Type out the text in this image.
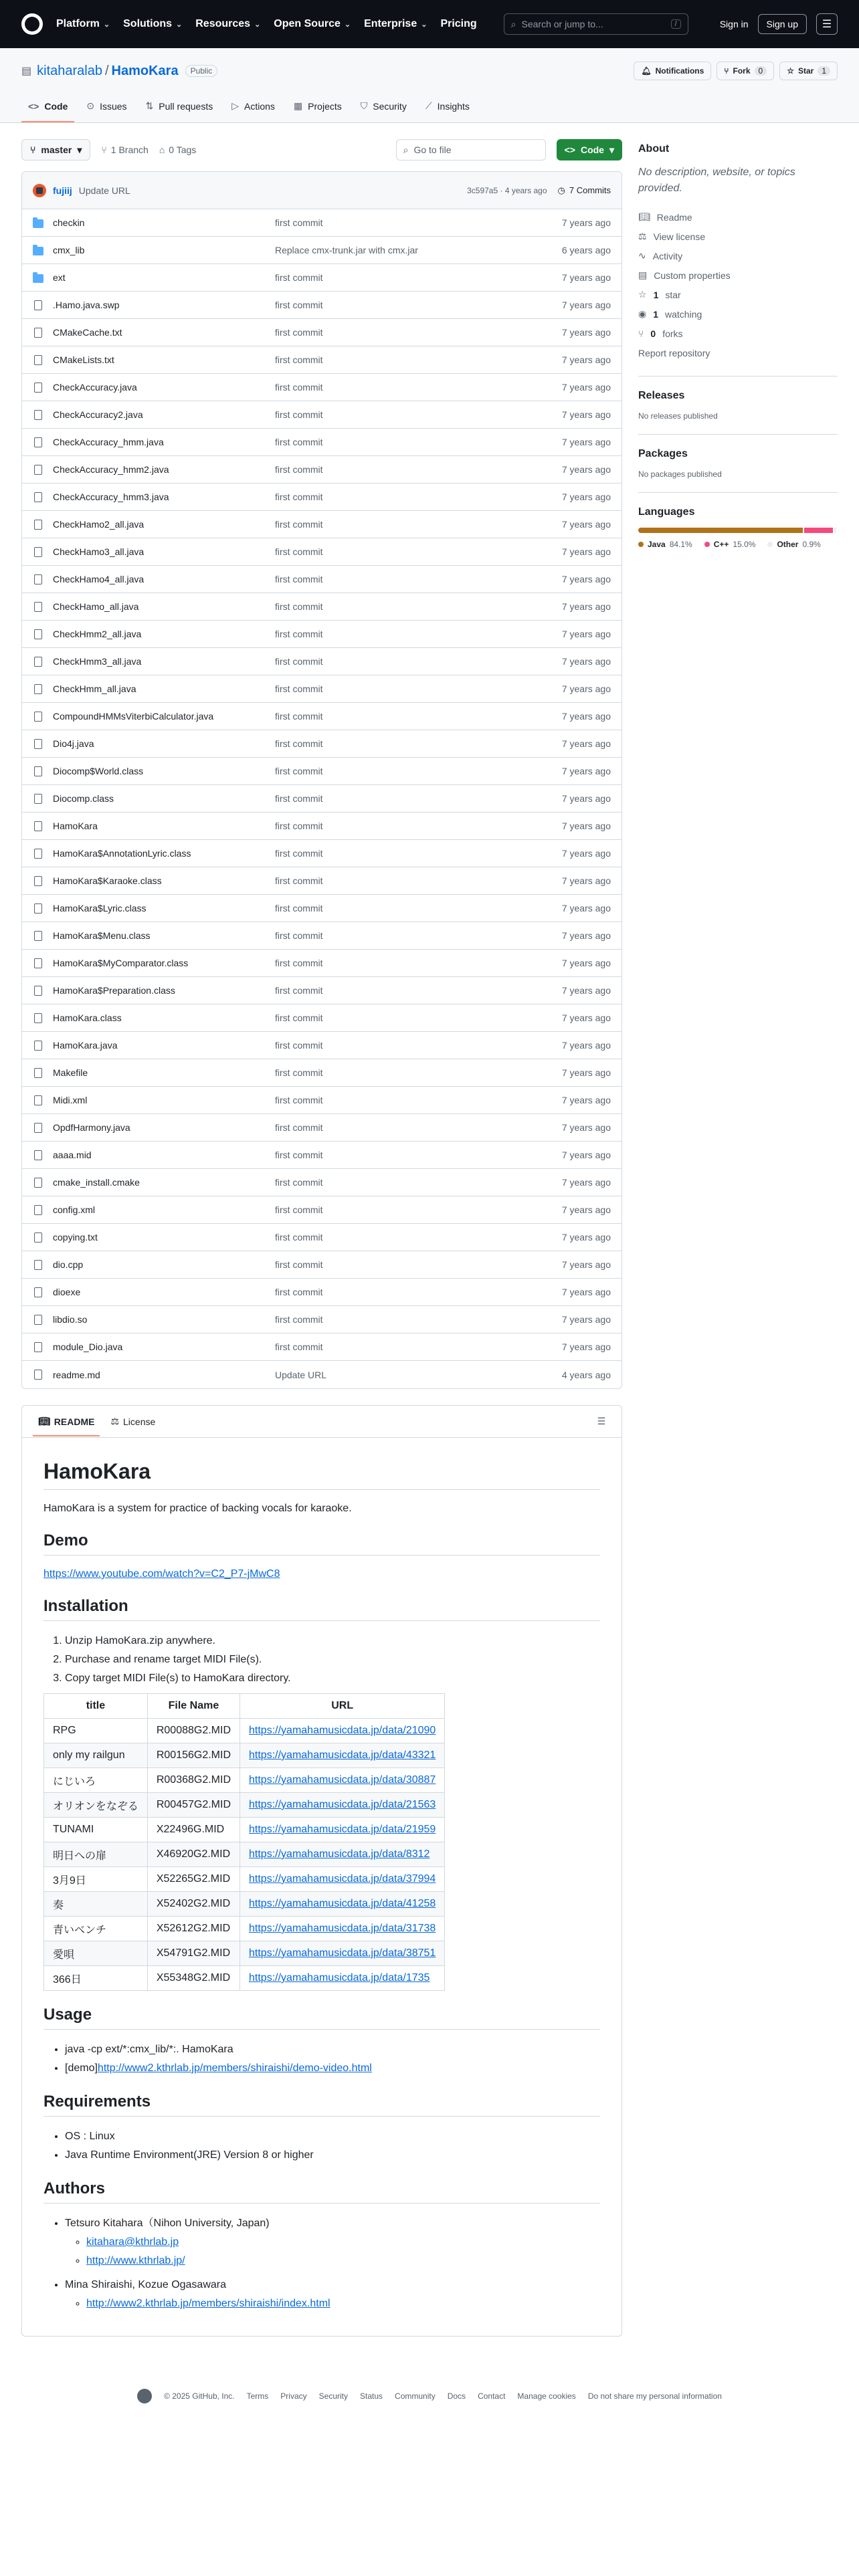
Platform ⌄ Solutions ⌄ Resources ⌄ Open Source ⌄ Enterprise ⌄ Pricing	⌕ Search or jump to...	/	Sign in	Sign up	☰
▤ kitaharalab / HamoKara	Public	🔔︎ Notifications	⑂ Fork	0	☆ Star	1
<> Code ⊙ Issues ⇅ Pull requests ▷ Actions ▦ Projects ⛉ Security ⟋ Insights
⑂ master ▾ ⑂ 1 Branch ⌂ 0 Tags	⌕ Go to file	<> Code ▾
fujiij Update URL	3c597a5 · 4 years ago ◷ 7 Commits
checkin	first commit	7 years ago
cmx_lib	Replace cmx-trunk.jar with cmx.jar	6 years ago
ext	first commit	7 years ago
.Hamo.java.swp	first commit	7 years ago
CMakeCache.txt	first commit	7 years ago
CMakeLists.txt	first commit	7 years ago
CheckAccuracy.java	first commit	7 years ago
CheckAccuracy2.java	first commit	7 years ago
CheckAccuracy_hmm.java	first commit	7 years ago
CheckAccuracy_hmm2.java	first commit	7 years ago
CheckAccuracy_hmm3.java	first commit	7 years ago
CheckHamo2_all.java	first commit	7 years ago
CheckHamo3_all.java	first commit	7 years ago
CheckHamo4_all.java	first commit	7 years ago
CheckHamo_all.java	first commit	7 years ago
CheckHmm2_all.java	first commit	7 years ago
CheckHmm3_all.java	first commit	7 years ago
CheckHmm_all.java	first commit	7 years ago
CompoundHMMsViterbiCalculator.java	first commit	7 years ago
Dio4j.java	first commit	7 years ago
Diocomp$World.class	first commit	7 years ago
Diocomp.class	first commit	7 years ago
HamoKara	first commit	7 years ago
HamoKara$AnnotationLyric.class	first commit	7 years ago
HamoKara$Karaoke.class	first commit	7 years ago
HamoKara$Lyric.class	first commit	7 years ago
HamoKara$Menu.class	first commit	7 years ago
HamoKara$MyComparator.class	first commit	7 years ago
HamoKara$Preparation.class	first commit	7 years ago
HamoKara.class	first commit	7 years ago
HamoKara.java	first commit	7 years ago
Makefile	first commit	7 years ago
Midi.xml	first commit	7 years ago
OpdfHarmony.java	first commit	7 years ago
aaaa.mid	first commit	7 years ago
cmake_install.cmake	first commit	7 years ago
config.xml	first commit	7 years ago
copying.txt	first commit	7 years ago
dio.cpp	first commit	7 years ago
dioexe	first commit	7 years ago
libdio.so	first commit	7 years ago
module_Dio.java	first commit	7 years ago
readme.md	Update URL	4 years ago
📖︎ README ⚖ License	☰
HamoKara

HamoKara is a system for practice of backing vocals for karaoke.

Demo

https://www.youtube.com/watch?v=C2_P7-jMwC8

Installation
1. Unzip HamoKara.zip anywhere.
2. Purchase and rename target MIDI File(s).
3. Copy target MIDI File(s) to HamoKara directory.
title	File Name	URL
RPG	R00088G2.MID	https://yamahamusicdata.jp/data/21090
only my railgun	R00156G2.MID	https://yamahamusicdata.jp/data/43321
にじいろ	R00368G2.MID	https://yamahamusicdata.jp/data/30887
オリオンをなぞる	R00457G2.MID	https://yamahamusicdata.jp/data/21563
TUNAMI	X22496G.MID	https://yamahamusicdata.jp/data/21959
明日への扉	X46920G2.MID	https://yamahamusicdata.jp/data/8312
3月9日	X52265G2.MID	https://yamahamusicdata.jp/data/37994
奏	X52402G2.MID	https://yamahamusicdata.jp/data/41258
青いベンチ	X52612G2.MID	https://yamahamusicdata.jp/data/31738
愛唄	X54791G2.MID	https://yamahamusicdata.jp/data/38751
366日	X55348G2.MID	https://yamahamusicdata.jp/data/1735
Usage
• java -cp ext/*:cmx_lib/*:. HamoKara
• [demo]http://www2.kthrlab.jp/members/shiraishi/demo-video.html
Requirements
• OS : Linux
• Java Runtime Environment(JRE) Version 8 or higher
Authors
• Tetsuro Kitahara（Nihon University, Japan)
◦ kitahara@kthrlab.jp
◦ http://www.kthrlab.jp/
• Mina Shiraishi, Kozue Ogasawara
◦ http://www2.kthrlab.jp/members/shiraishi/index.html
About
No description, website, or topics provided.
📖︎ Readme
⚖ View license
∿ Activity
▤ Custom properties
☆ 1 star
◉ 1 watching
⑂ 0 forks
Report repository
Releases
No releases published
Packages
No packages published
Languages
Java 84.1%	C++ 15.0%	Other 0.9%
© 2025 GitHub, Inc. Terms Privacy Security Status Community Docs Contact Manage cookies Do not share my personal information
